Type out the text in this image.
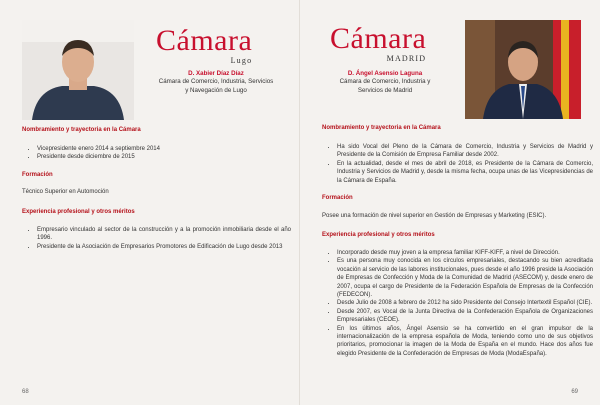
Cámara
Lugo
D. Xabier Díaz Díaz
Cámara de Comercio, Industria, Servicios
y Navegación de Lugo
Nombramiento y trayectoria en la Cámara
• Vicepresidente enero 2014 a septiembre 2014
• Presidente desde diciembre de 2015
Formación
Técnico Superior en Automoción
Experiencia profesional y otros méritos
• Empresario vinculado al sector de la construcción y a la promoción inmobiliaria desde el año 1996.
• Presidente de la Asociación de Empresarios Promotores de Edificación de Lugo desde 2013
68
Cámara
MADRID
D. Ángel Asensio Laguna
Cámara de Comercio, Industria y
Servicios de Madrid
Nombramiento y trayectoria en la Cámara
• Ha sido Vocal del Pleno de la Cámara de Comercio, Industria y Servicios de Madrid y Presidente de la Comisión de Empresa Familiar desde 2002.
• En la actualidad, desde el mes de abril de 2018, es Presidente de la Cámara de Comercio, Industria y Servicios de Madrid y, desde la misma fecha, ocupa unas de las Vicepresidencias de la Cámara de España.
Formación
Posee una formación de nivel superior en Gestión de Empresas y Marketing (ESIC).
Experiencia profesional y otros méritos
• Incorporado desde muy joven a la empresa familiar KIFF-KIFF, a nivel de Dirección.
• Es una persona muy conocida en los círculos empresariales, destacando su bien acreditada vocación al servicio de las labores institucionales, pues desde el año 1996 preside la Asociación de Empresas de Confección y Moda de la Comunidad de Madrid (ASECOM) y, desde enero de 2007, ocupa el cargo de Presidente de la Federación Española de Empresas de la Confección (FEDECON).
• Desde Julio de 2008 a febrero de 2012 ha sido Presidente del Consejo Intertextil Español (CIE).
• Desde 2007, es Vocal de la Junta Directiva de la Confederación Española de Organizaciones Empresariales (CEOE).
• En los últimos años, Ángel Asensio se ha convertido en el gran impulsor de la internacionalización de la empresa española de Moda, teniendo como uno de sus objetivos prioritarios, promocionar la imagen de la Moda de España en el mundo. Hace dos años fue elegido Presidente de la Confederación de Empresas de Moda (ModaEspaña).
69
